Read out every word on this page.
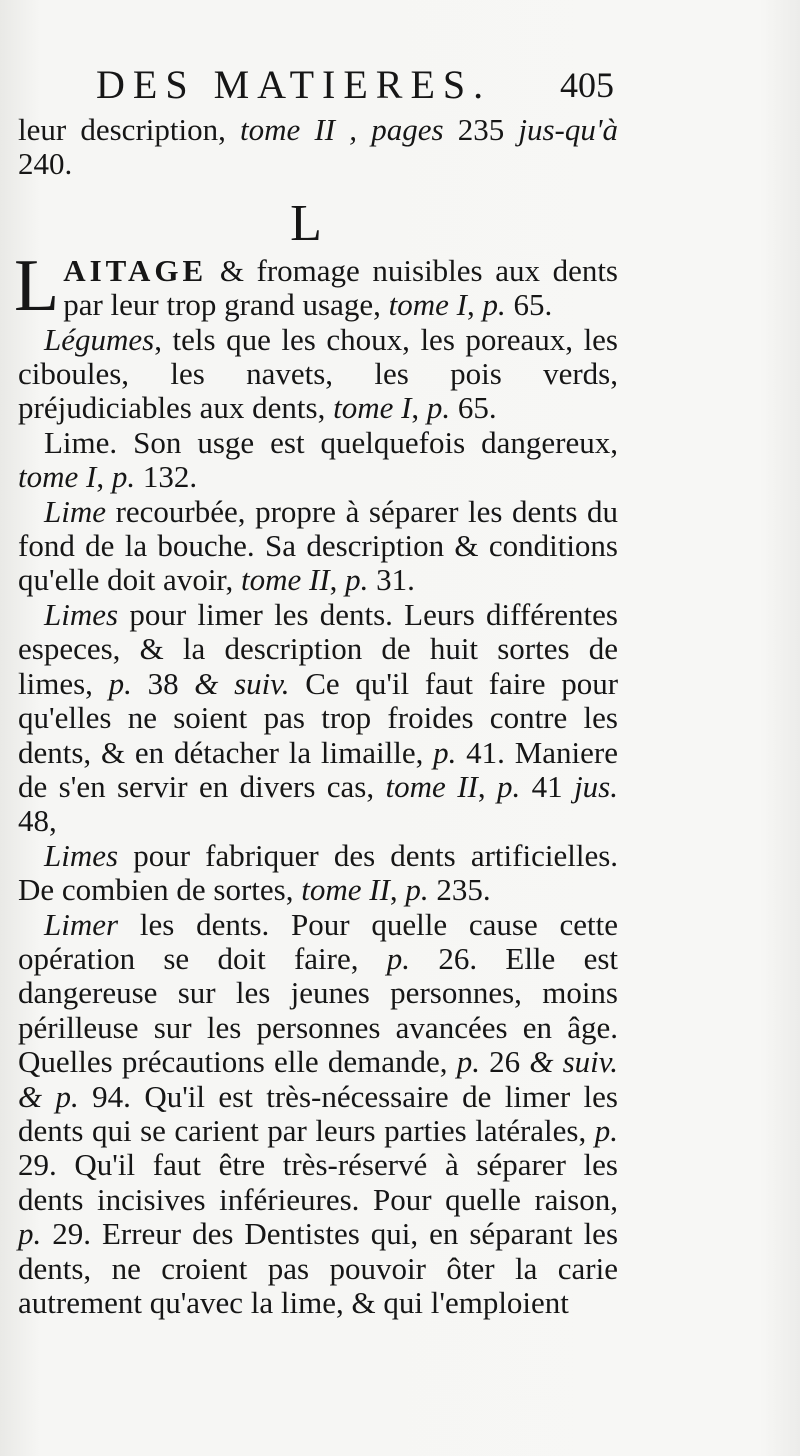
DES MATIERES. 405

leur description, tome II , pages 235 jus-qu'à 240.

L

LAITAGE & fromage nuisibles aux dents par leur trop grand usage, tome I, p. 65.

Légumes, tels que les choux, les poreaux, les ciboules, les navets, les pois verds, préjudiciables aux dents, tome I, p. 65.

Lime. Son usge est quelquefois dangereux, tome I, p. 132.

Lime recourbée, propre à séparer les dents du fond de la bouche. Sa description & conditions qu'elle doit avoir, tome II, p. 31.

Limes pour limer les dents. Leurs différentes especes, & la description de huit sortes de limes, p. 38 & suiv. Ce qu'il faut faire pour qu'elles ne soient pas trop froides contre les dents, & en détacher la limaille, p. 41. Maniere de s'en servir en divers cas, tome II, p. 41 jus. 48,

Limes pour fabriquer des dents artificielles. De combien de sortes, tome II, p. 235.

Limer les dents. Pour quelle cause cette opération se doit faire, p. 26. Elle est dangereuse sur les jeunes personnes, moins périlleuse sur les personnes avancées en âge. Quelles précautions elle demande, p. 26 & suiv. & p. 94. Qu'il est très-nécessaire de limer les dents qui se carient par leurs parties latérales, p. 29. Qu'il faut être très-réservé à séparer les dents incisives inférieures. Pour quelle raison, p. 29. Erreur des Dentistes qui, en séparant les dents, ne croient pas pouvoir ôter la carie autrement qu'avec la lime, & qui l'emploient
